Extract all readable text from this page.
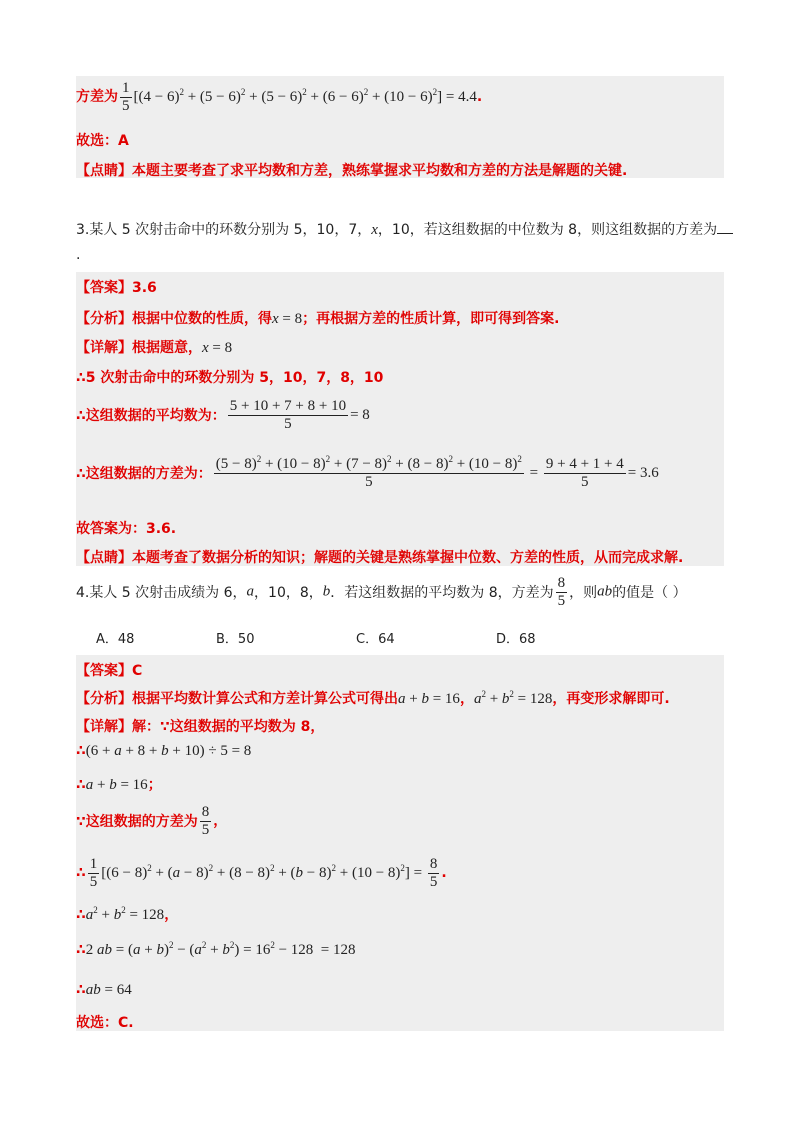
方差为 $\frac{1}{5} [(4 - 6)^2 + (5 - 6)^2 + (5 - 6)^2 + (6 - 6)^2 + (10 - 6)^2] = 4.4$.
故选：A
【点睛】本题主要考查了求平均数和方差，熟练掌握求平均数和方差的方法是解题的关键.
3.某人 5 次射击命中的环数分别为 5，10，7，x，10，若这组数据的中位数为 8，则这组数据的方差为
.
【答案】3.6
【分析】根据中位数的性质，得x = 8；再根据方差的性质计算，即可得到答案.
【详解】根据题意，x = 8
∴5 次射击命中的环数分别为 5，10，7，8，10
∴这组数据的平均数为： $\frac{5 + 10 + 7 + 8 + 10}{5} = 8$
∴这组数据的方差为： $\frac{(5 - 8)^2 + (10 - 8)^2 + (7 - 8)^2 + (8 - 8)^2 + (10 - 8)^2}{5} = \frac{9 + 4 + 1 + 4}{5} = 3.6$
故答案为：3.6.
【点睛】本题考查了数据分析的知识；解题的关键是熟练掌握中位数、方差的性质，从而完成求解.
4.某人 5 次射击成绩为 6，a，10，8，b．若这组数据的平均数为 8，方差为 $\frac{8}{5}$ ，则ab的值是（ ）
A．48	B．50	C．64	D．68
【答案】C
【分析】根据平均数计算公式和方差计算公式可得出a + b = 16，$a^2 + b^2 = 128$，再变形求解即可.
【详解】解：∵这组数据的平均数为 8，
∴(6 + a + 8 + b + 10) ÷ 5 = 8
∴a + b = 16；
∵这组数据的方差为 $\frac{8}{5}$ ，
∴ $\frac{1}{5} [(6 - 8)^2 + (a - 8)^2 + (8 - 8)^2 + (b - 8)^2 + (10 - 8)^2] = \frac{8}{5}$ .
$\therefore a^2 + b^2 = 128$，
∴2 ab = $(a + b)^2 - (a^2 + b^2) = 16^2 - 128 = 128$
∴ab = 64
故选：C.
